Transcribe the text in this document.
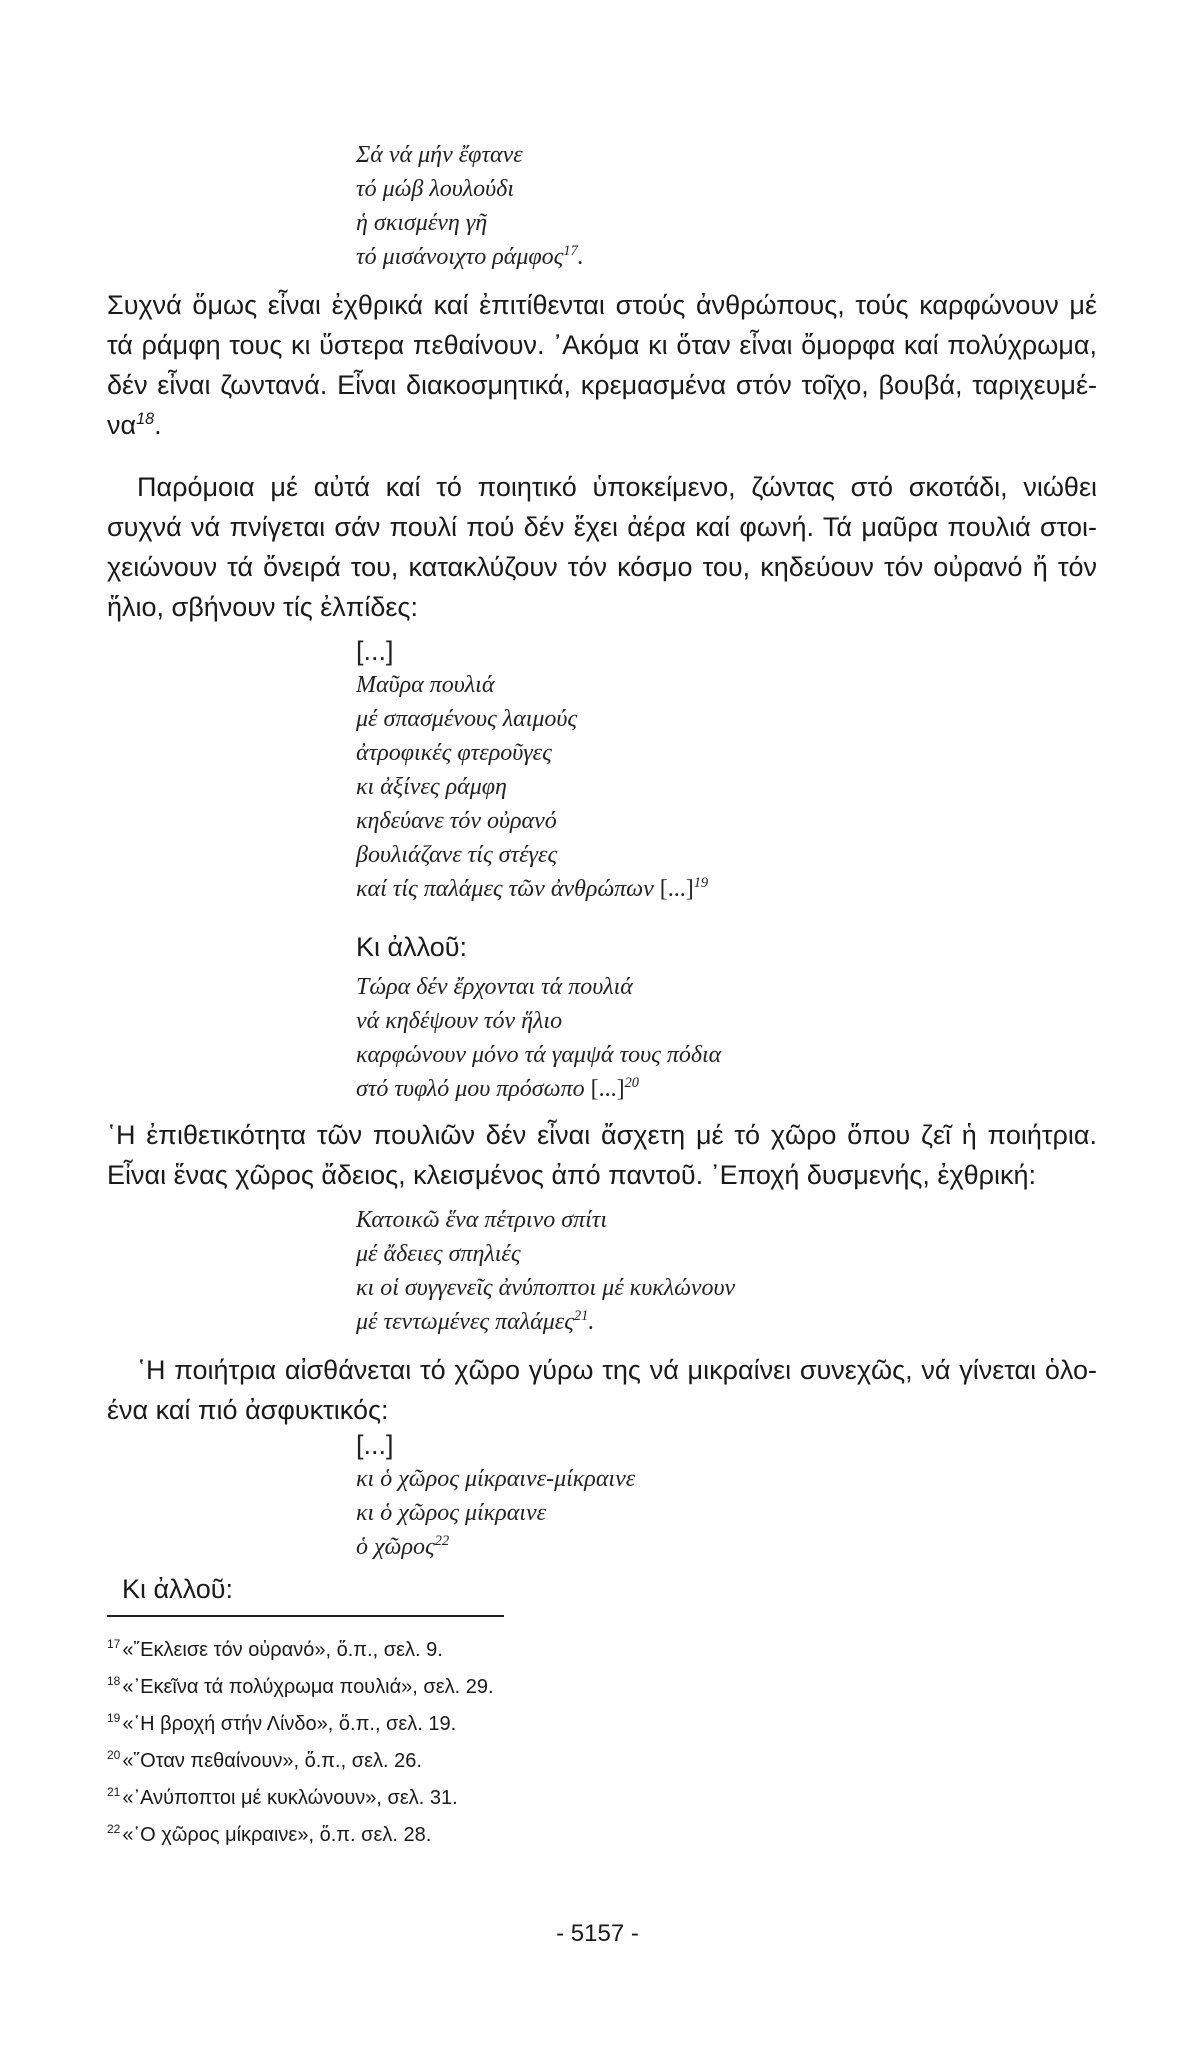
Σά νά μήν ἔφτανε
τό μώβ λουλούδι
ἡ σκισμένη γῆ
τό μισάνοιχτο ράμφος$^{17}$.
Συχνά ὅμως εἶναι ἐχθρικά καί ἐπιτίθενται στούς ἀνθρώπους, τούς καρφώνουν μέ
τά ράμφη τους κι ὕστερα πεθαίνουν. ᾿Ακόμα κι ὅταν εἶναι ὄμορφα καί πολύχρωμα,
δέν εἶναι ζωντανά. Εἶναι διακοσμητικά, κρεμασμένα στόν τοῖχο, βουβά, ταριχευμέ-
να$^{18}$.
Παρόμοια μέ αὐτά καί τό ποιητικό ὑποκείμενο, ζώντας στό σκοτάδι, νιώθει
συχνά νά πνίγεται σάν πουλί πού δέν ἔχει ἀέρα καί φωνή. Τά μαῦρα πουλιά στοι-
χειώνουν τά ὄνειρά του, κατακλύζουν τόν κόσμο του, κηδεύουν τόν οὐρανό ἤ τόν
ἥλιο, σβήνουν τίς ἐλπίδες:
[...]
Μαῦρα πουλιά
μέ σπασμένους λαιμούς
ἀτροφικές φτεροῦγες
κι ἀξίνες ράμφη
κηδεύανε τόν οὐρανό
βουλιάζανε τίς στέγες
καί τίς παλάμες τῶν ἀνθρώπων [...]$^{19}$
Κι ἀλλοῦ:
Τώρα δέν ἔρχονται τά πουλιά
νά κηδέψουν τόν ἥλιο
καρφώνουν μόνο τά γαμψά τους πόδια
στό τυφλό μου πρόσωπο [...]$^{20}$
῾Η ἐπιθετικότητα τῶν πουλιῶν δέν εἶναι ἄσχετη μέ τό χῶρο ὅπου ζεῖ ἡ ποιήτρια.
Εἶναι ἕνας χῶρος ἄδειος, κλεισμένος ἀπό παντοῦ. ᾿Εποχή δυσμενής, ἐχθρική:
Κατοικῶ ἕνα πέτρινο σπίτι
μέ ἄδειες σπηλιές
κι οἱ συγγενεῖς ἀνύποπτοι μέ κυκλώνουν
μέ τεντωμένες παλάμες$^{21}$.
῾Η ποιήτρια αἰσθάνεται τό χῶρο γύρω της νά μικραίνει συνεχῶς, νά γίνεται ὁλο-
ένα καί πιό ἀσφυκτικός:
[...]
κι ὁ χῶρος μίκραινε-μίκραινε
κι ὁ χῶρος μίκραινε
ὁ χῶρος$^{22}$
Κι ἀλλοῦ:
$^{17}$ «῎Εκλεισε τόν οὐρανό», ὅ.π., σελ. 9.
$^{18}$ «᾿Εκεῖνα τά πολύχρωμα πουλιά», σελ. 29.
$^{19}$ «῾Η βροχή στήν Λίνδο», ὅ.π., σελ. 19.
$^{20}$ «῞Οταν πεθαίνουν», ὅ.π., σελ. 26.
$^{21}$ «᾿Ανύποπτοι μέ κυκλώνουν», σελ. 31.
$^{22}$ «῾Ο χῶρος μίκραινε», ὅ.π. σελ. 28.
- 5157 -
